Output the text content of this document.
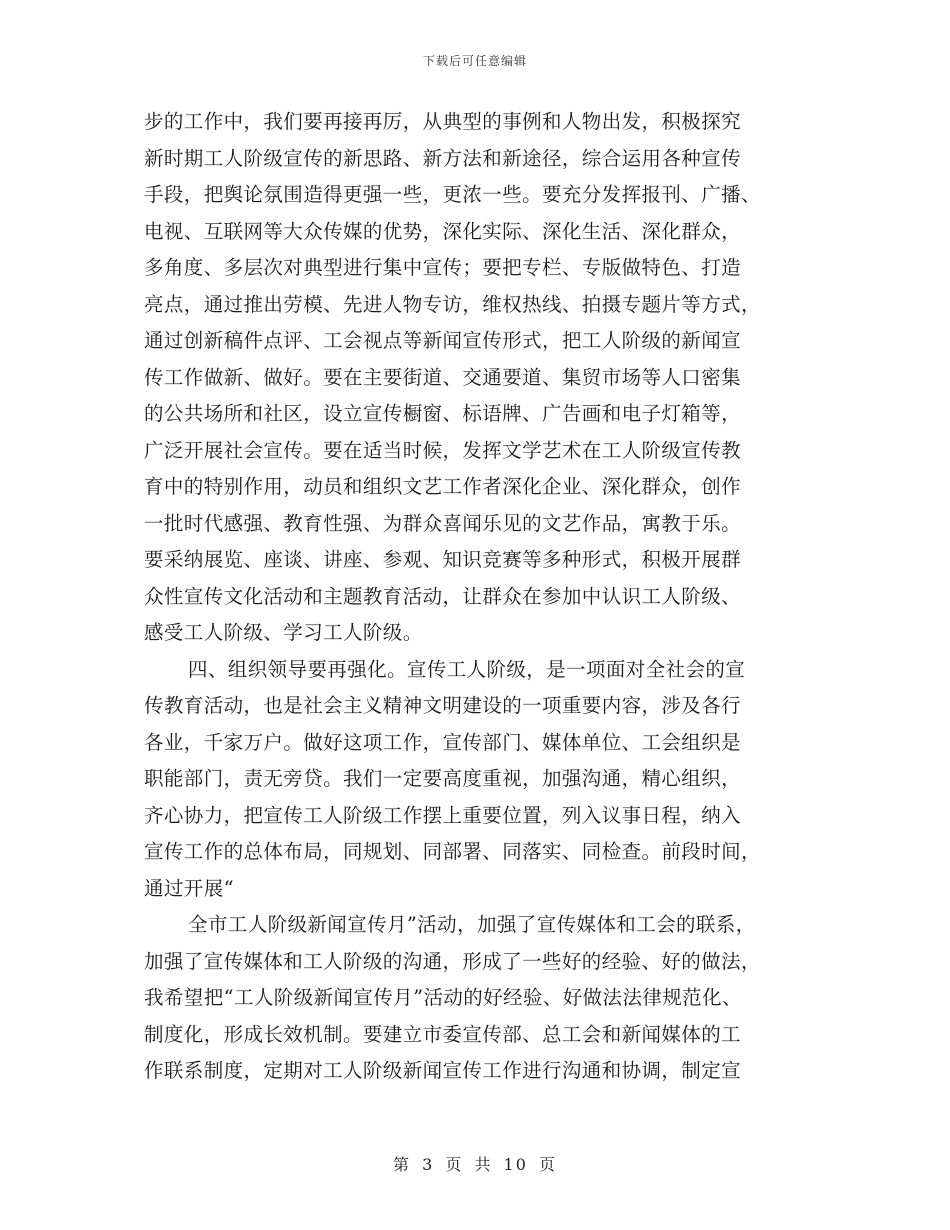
下载后可任意编辑
步的工作中，我们要再接再厉，从典型的事例和人物出发，积极探究
新时期工人阶级宣传的新思路、新方法和新途径，综合运用各种宣传
手段，把舆论氛围造得更强一些，更浓一些。要充分发挥报刊、广播、
电视、互联网等大众传媒的优势，深化实际、深化生活、深化群众，
多角度、多层次对典型进行集中宣传；要把专栏、专版做特色、打造
亮点，通过推出劳模、先进人物专访，维权热线、拍摄专题片等方式，
通过创新稿件点评、工会视点等新闻宣传形式，把工人阶级的新闻宣
传工作做新、做好。要在主要街道、交通要道、集贸市场等人口密集
的公共场所和社区，设立宣传橱窗、标语牌、广告画和电子灯箱等，
广泛开展社会宣传。要在适当时候，发挥文学艺术在工人阶级宣传教
育中的特别作用，动员和组织文艺工作者深化企业、深化群众，创作
一批时代感强、教育性强、为群众喜闻乐见的文艺作品，寓教于乐。
要采纳展览、座谈、讲座、参观、知识竞赛等多种形式，积极开展群
众性宣传文化活动和主题教育活动，让群众在参加中认识工人阶级、
感受工人阶级、学习工人阶级。
四、组织领导要再强化。宣传工人阶级，是一项面对全社会的宣
传教育活动，也是社会主义精神文明建设的一项重要内容，涉及各行
各业，千家万户。做好这项工作，宣传部门、媒体单位、工会组织是
职能部门，责无旁贷。我们一定要高度重视，加强沟通，精心组织，
齐心协力，把宣传工人阶级工作摆上重要位置，列入议事日程，纳入
宣传工作的总体布局，同规划、同部署、同落实、同检查。前段时间，
通过开展“
全市工人阶级新闻宣传月”活动，加强了宣传媒体和工会的联系，
加强了宣传媒体和工人阶级的沟通，形成了一些好的经验、好的做法，
我希望把“工人阶级新闻宣传月”活动的好经验、好做法法律规范化、
制度化，形成长效机制。要建立市委宣传部、总工会和新闻媒体的工
作联系制度，定期对工人阶级新闻宣传工作进行沟通和协调，制定宣
第 3 页 共 10 页
